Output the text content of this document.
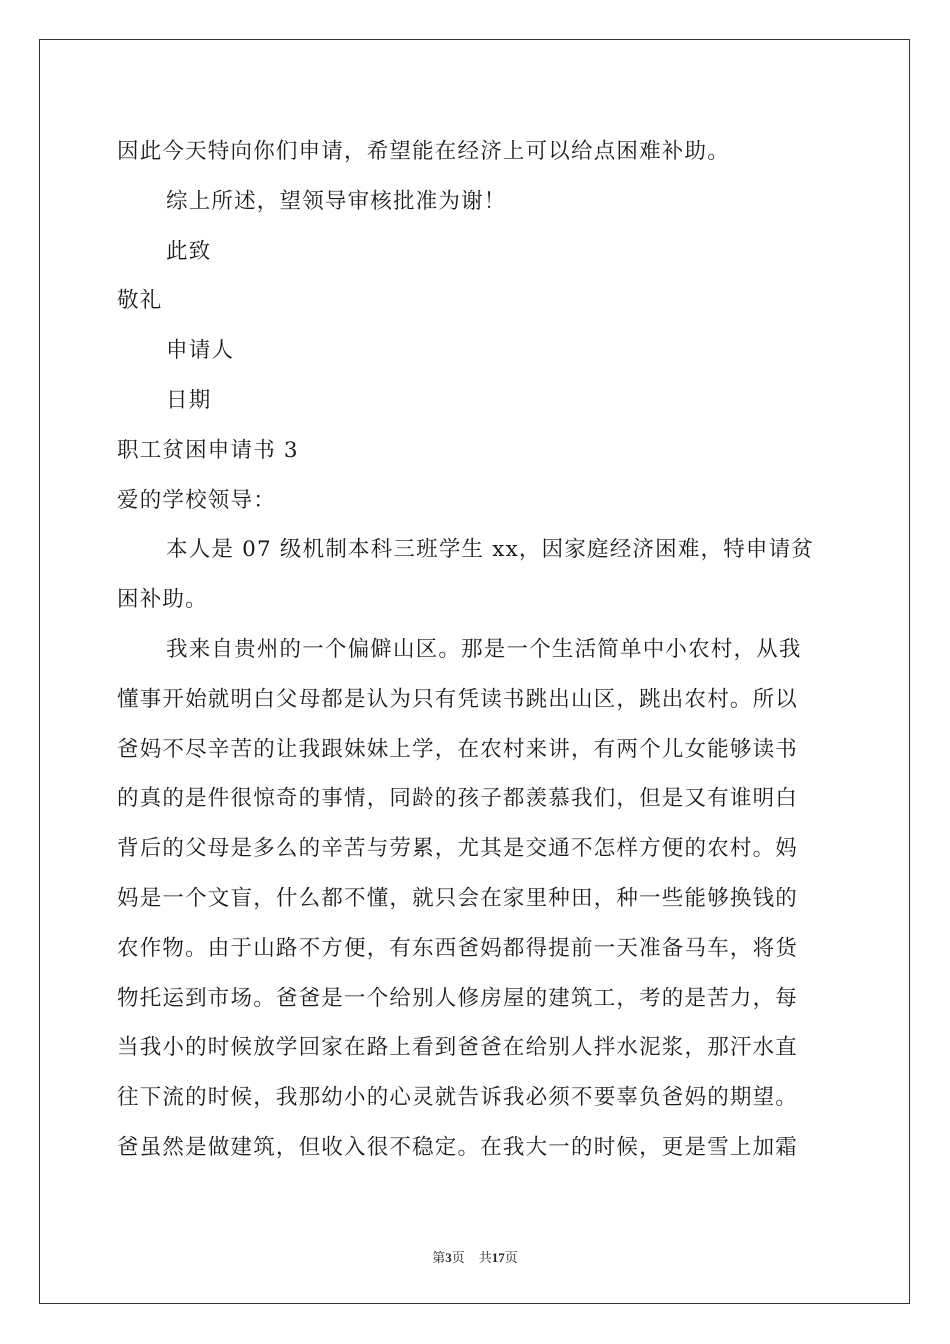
因此今天特向你们申请，希望能在经济上可以给点困难补助。
综上所述，望领导审核批准为谢！
此致
敬礼
申请人
日期
职工贫困申请书 3
爱的学校领导：
本人是 07 级机制本科三班学生 xx，因家庭经济困难，特申请贫
困补助。
我来自贵州的一个偏僻山区。那是一个生活简单中小农村，从我
懂事开始就明白父母都是认为只有凭读书跳出山区，跳出农村。所以
爸妈不尽辛苦的让我跟妹妹上学，在农村来讲，有两个儿女能够读书
的真的是件很惊奇的事情，同龄的孩子都羡慕我们，但是又有谁明白
背后的父母是多么的辛苦与劳累，尤其是交通不怎样方便的农村。妈
妈是一个文盲，什么都不懂，就只会在家里种田，种一些能够换钱的
农作物。由于山路不方便，有东西爸妈都得提前一天准备马车，将货
物托运到市场。爸爸是一个给别人修房屋的建筑工，考的是苦力，每
当我小的时候放学回家在路上看到爸爸在给别人拌水泥浆，那汗水直
往下流的时候，我那幼小的心灵就告诉我必须不要辜负爸妈的期望。
爸虽然是做建筑，但收入很不稳定。在我大一的时候，更是雪上加霜
第3页 共17页
